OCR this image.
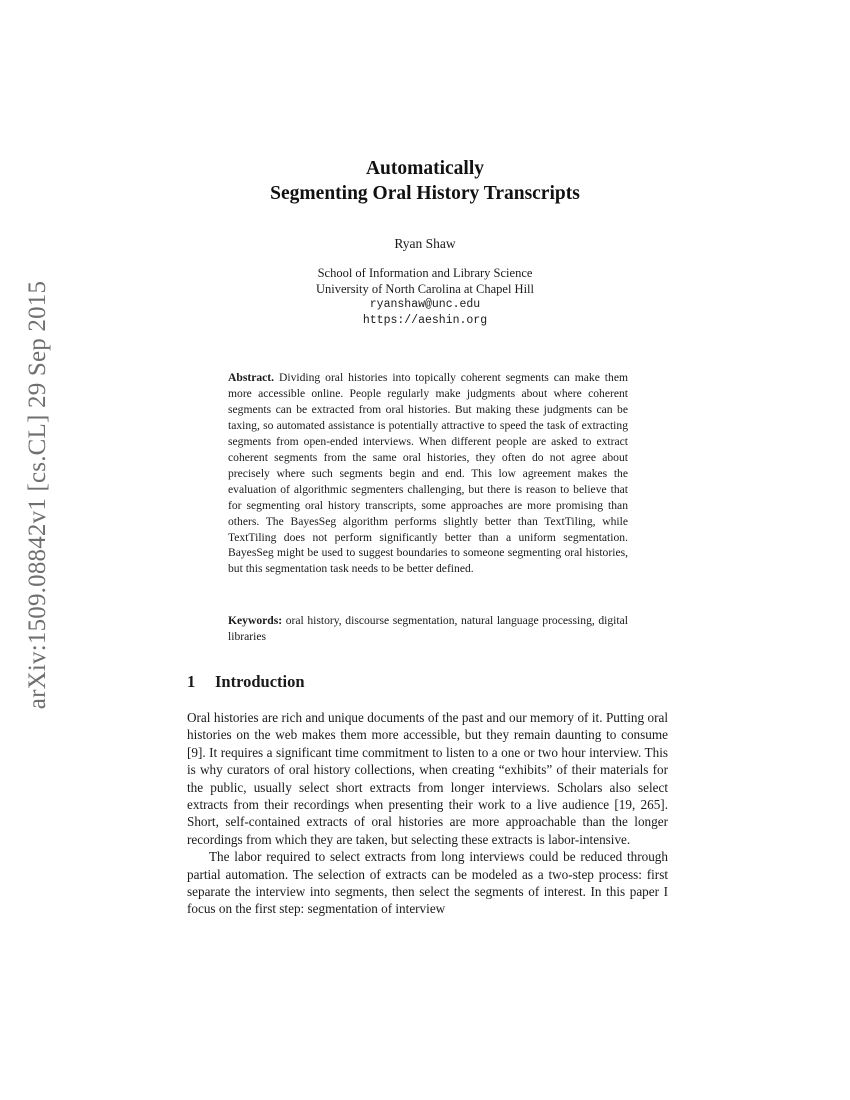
arXiv:1509.08842v1 [cs.CL] 29 Sep 2015
Automatically
Segmenting Oral History Transcripts
Ryan Shaw
School of Information and Library Science
University of North Carolina at Chapel Hill
ryanshaw@unc.edu
https://aeshin.org
Abstract. Dividing oral histories into topically coherent segments can make them more accessible online. People regularly make judgments about where coherent segments can be extracted from oral histories. But making these judgments can be taxing, so automated assistance is potentially attractive to speed the task of extracting segments from open-ended interviews. When different people are asked to extract coherent segments from the same oral histories, they often do not agree about precisely where such segments begin and end. This low agreement makes the evaluation of algorithmic segmenters challenging, but there is reason to believe that for segmenting oral history transcripts, some approaches are more promising than others. The BayesSeg algorithm performs slightly better than TextTiling, while TextTiling does not perform significantly better than a uniform segmentation. BayesSeg might be used to suggest boundaries to someone segmenting oral histories, but this segmentation task needs to be better defined.
Keywords: oral history, discourse segmentation, natural language processing, digital libraries
1 Introduction

Oral histories are rich and unique documents of the past and our memory of it. Putting oral histories on the web makes them more accessible, but they remain daunting to consume [9]. It requires a significant time commitment to listen to a one or two hour interview. This is why curators of oral history collections, when creating “exhibits” of their materials for the public, usually select short extracts from longer interviews. Scholars also select extracts from their recordings when presenting their work to a live audience [19, 265]. Short, self-contained extracts of oral histories are more approachable than the longer recordings from which they are taken, but selecting these extracts is labor-intensive.

The labor required to select extracts from long interviews could be reduced through partial automation. The selection of extracts can be modeled as a two-step process: first separate the interview into segments, then select the segments of interest. In this paper I focus on the first step: segmentation of interview
